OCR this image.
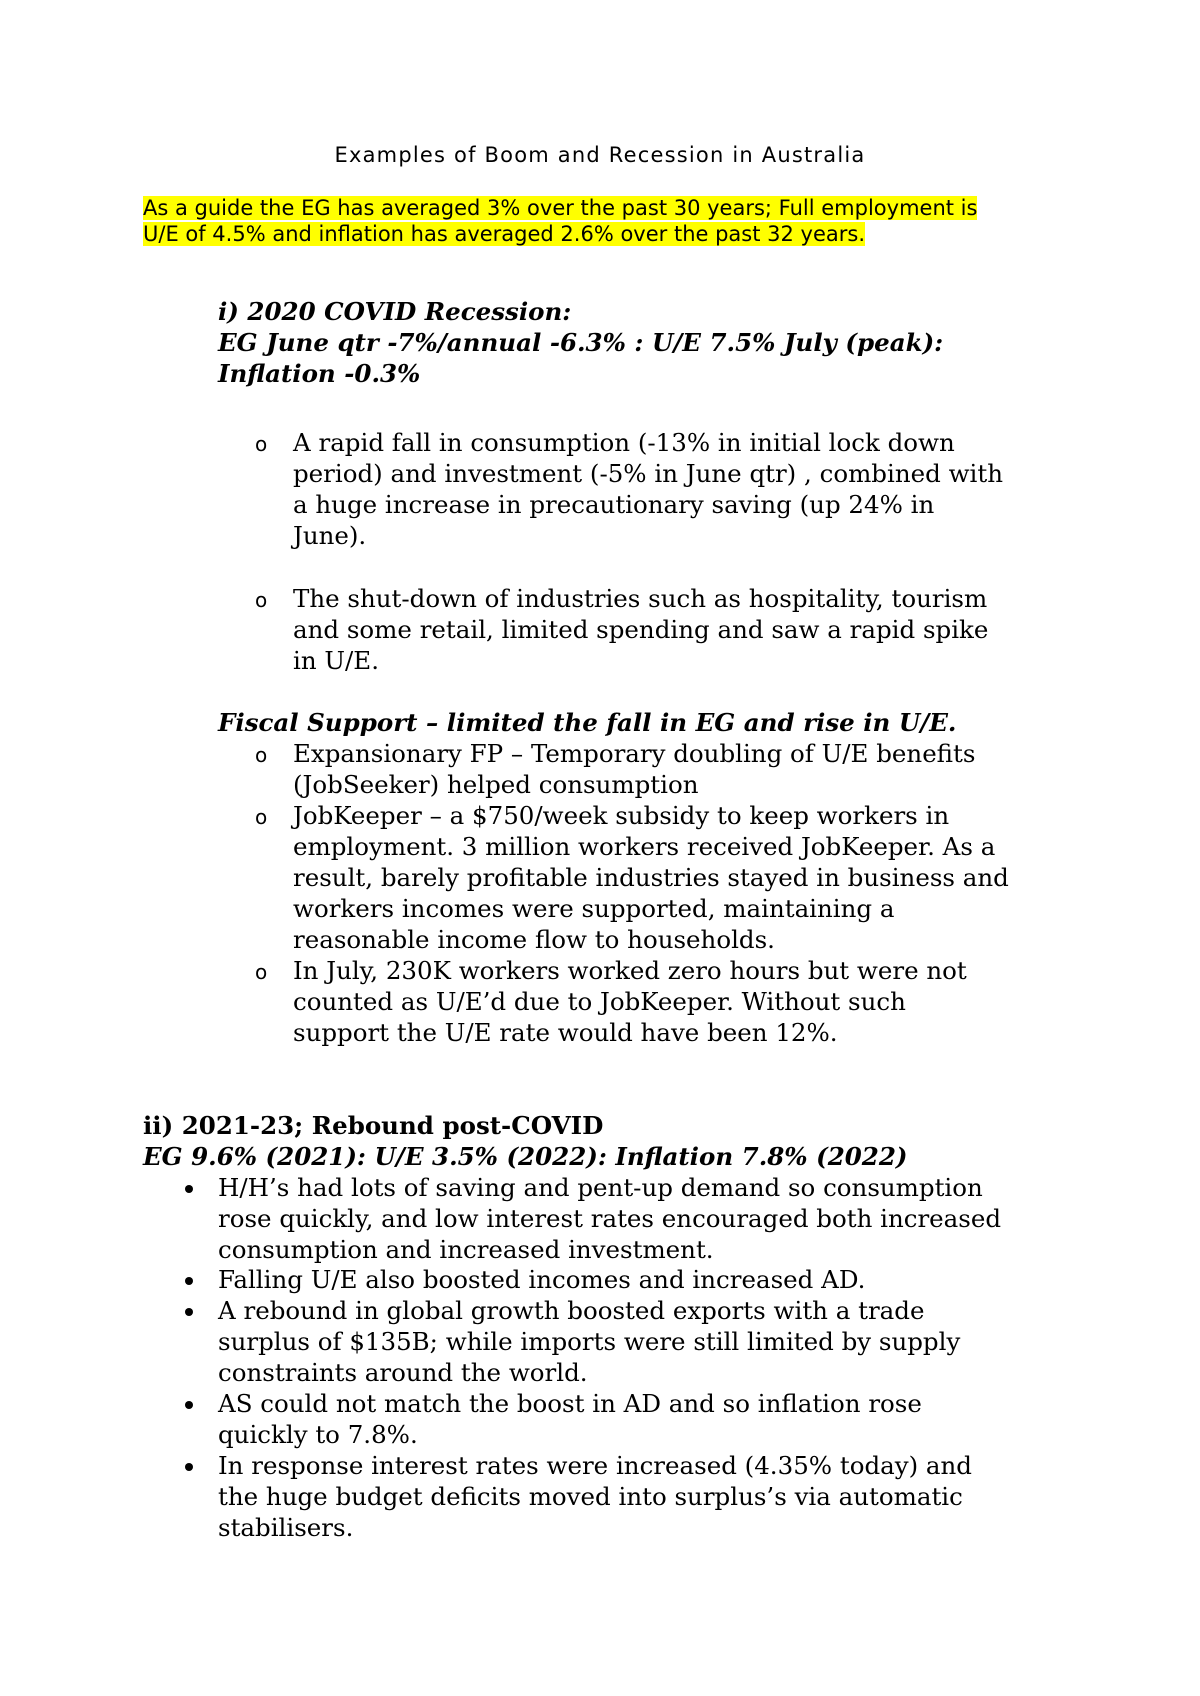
Examples of Boom and Recession in Australia
As a guide the EG has averaged 3% over the past 30 years; Full employment is
U/E of 4.5% and inflation has averaged 2.6% over the past 32 years.
i) 2020 COVID Recession:
EG June qtr -7%/annual -6.3% : U/E 7.5% July (peak):
Inflation -0.3%
o A rapid fall in consumption (-13% in initial lock down
period) and investment (-5% in June qtr) , combined with
a huge increase in precautionary saving (up 24% in
June).
o The shut-down of industries such as hospitality, tourism
and some retail, limited spending and saw a rapid spike
in U/E.
Fiscal Support – limited the fall in EG and rise in U/E.
o Expansionary FP – Temporary doubling of U/E benefits
(JobSeeker) helped consumption
o JobKeeper – a $750/week subsidy to keep workers in
employment. 3 million workers received JobKeeper. As a
result, barely profitable industries stayed in business and
workers incomes were supported, maintaining a
reasonable income flow to households.
o In July, 230K workers worked zero hours but were not
counted as U/E’d due to JobKeeper. Without such
support the U/E rate would have been 12%.
ii) 2021-23; Rebound post-COVID
EG 9.6% (2021): U/E 3.5% (2022): Inflation 7.8% (2022)
H/H’s had lots of saving and pent-up demand so consumption
rose quickly, and low interest rates encouraged both increased
consumption and increased investment.
Falling U/E also boosted incomes and increased AD.
A rebound in global growth boosted exports with a trade
surplus of $135B; while imports were still limited by supply
constraints around the world.
AS could not match the boost in AD and so inflation rose
quickly to 7.8%.
In response interest rates were increased (4.35% today) and
the huge budget deficits moved into surplus’s via automatic
stabilisers.
